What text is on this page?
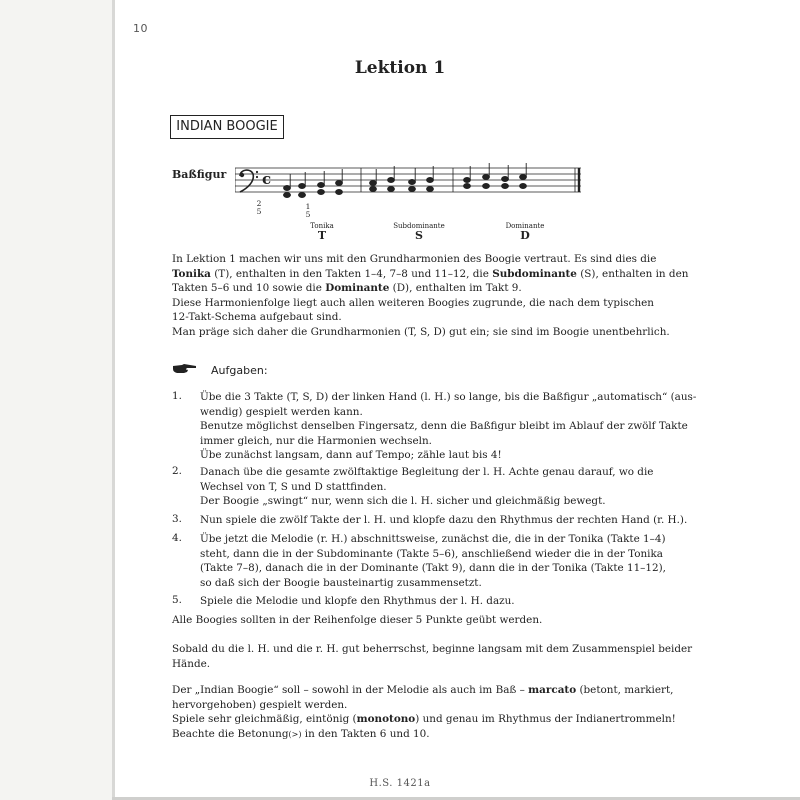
10
Lektion 1
INDIAN BOOGIE
Baßfigur c
2
5
1
5
Tonika
T
Subdominante
S
Dominante
D
In Lektion 1 machen wir uns mit den Grundharmonien des Boogie vertraut. Es sind dies die
Tonika (T), enthalten in den Takten 1–4, 7–8 und 11–12, die Subdominante (S), enthalten in den
Takten 5–6 und 10 sowie die Dominante (D), enthalten im Takt 9.
Diese Harmonienfolge liegt auch allen weiteren Boogies zugrunde, die nach dem typischen
12-Takt-Schema aufgebaut sind.
Man präge sich daher die Grundharmonien (T, S, D) gut ein; sie sind im Boogie unentbehrlich.
Aufgaben:
1. Übe die 3 Takte (T, S, D) der linken Hand (l. H.) so lange, bis die Baßfigur „automatisch“ (aus-
wendig) gespielt werden kann.
Benutze möglichst denselben Fingersatz, denn die Baßfigur bleibt im Ablauf der zwölf Takte
immer gleich, nur die Harmonien wechseln.
Übe zunächst langsam, dann auf Tempo; zähle laut bis 4!
2. Danach übe die gesamte zwölftaktige Begleitung der l. H. Achte genau darauf, wo die
Wechsel von T, S und D stattfinden.
Der Boogie „swingt“ nur, wenn sich die l. H. sicher und gleichmäßig bewegt.
3. Nun spiele die zwölf Takte der l. H. und klopfe dazu den Rhythmus der rechten Hand (r. H.).
4. Übe jetzt die Melodie (r. H.) abschnittsweise, zunächst die, die in der Tonika (Takte 1–4)
steht, dann die in der Subdominante (Takte 5–6), anschließend wieder die in der Tonika
(Takte 7–8), danach die in der Dominante (Takt 9), dann die in der Tonika (Takte 11–12),
so daß sich der Boogie bausteinartig zusammensetzt.
5. Spiele die Melodie und klopfe den Rhythmus der l. H. dazu.
Alle Boogies sollten in der Reihenfolge dieser 5 Punkte geübt werden.
Sobald du die l. H. und die r. H. gut beherrschst, beginne langsam mit dem Zusammenspiel beider
Hände.
Der „Indian Boogie“ soll – sowohl in der Melodie als auch im Baß – marcato (betont, markiert,
hervorgehoben) gespielt werden.
Spiele sehr gleichmäßig, eintönig (monotono) und genau im Rhythmus der Indianertrommeln!
Beachte die Betonung(>) in den Takten 6 und 10.
H.S. 1421a
